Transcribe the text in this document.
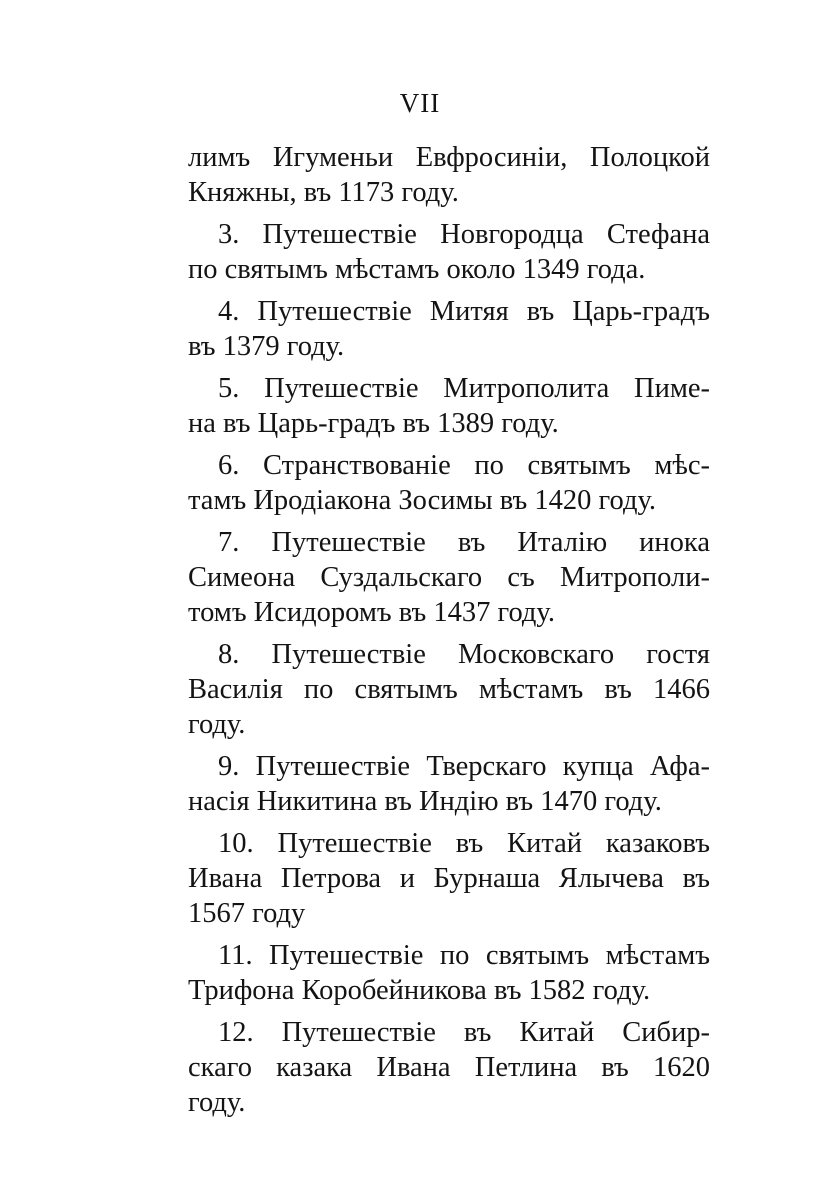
VII
лимъ Игуменьи Евфросиніи, Полоцкой
Княжны, въ 1173 году.
3. Путешествіе Новгородца Стефана
по святымъ мѣстамъ около 1349 года.
4. Путешествіе Митяя въ Царь-градъ
въ 1379 году.
5. Путешествіе Митрополита Пиме-
на въ Царь-градъ въ 1389 году.
6. Странствованіе по святымъ мѣс-
тамъ Иродіакона Зосимы въ 1420 году.
7. Путешествіе въ Италію инока
Симеона Суздальскаго съ Митрополи-
томъ Исидоромъ въ 1437 году.
8. Путешествіе Московскаго гостя
Василія по святымъ мѣстамъ въ 1466
году.
9. Путешествіе Тверскаго купца Афа-
насія Никитина въ Индію въ 1470 году.
10. Путешествіе въ Китай казаковъ
Ивана Петрова и Бурнаша Ялычева въ
1567 году
11. Путешествіе по святымъ мѣстамъ
Трифона Коробейникова въ 1582 году.
12. Путешествіе въ Китай Сибир-
скаго казака Ивана Петлина въ 1620
году.
